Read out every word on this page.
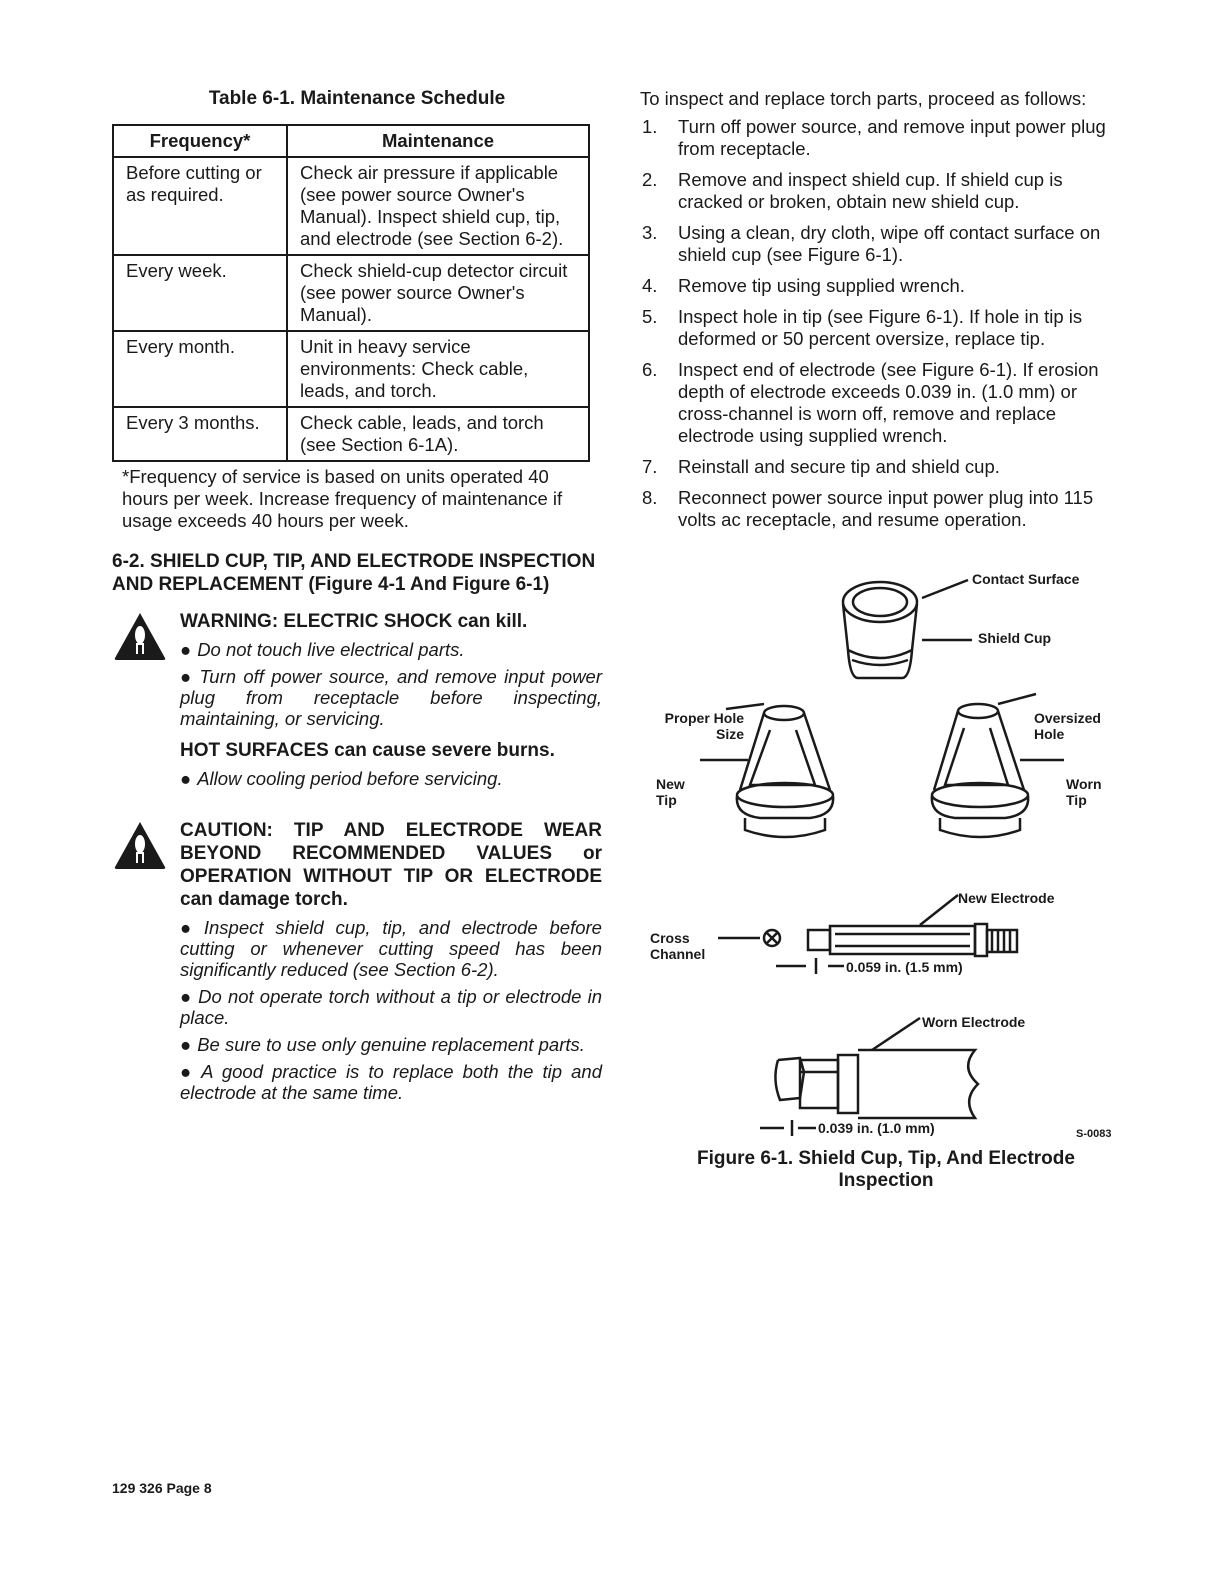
Table 6-1. Maintenance Schedule
Frequency*	Maintenance
Before cutting or as required.	Check air pressure if applicable (see power source Owner's Manual). Inspect shield cup, tip, and electrode (see Section 6-2).
Every week.	Check shield-cup detector circuit (see power source Owner's Manual).
Every month.	Unit in heavy service environments: Check cable, leads, and torch.
Every 3 months.	Check cable, leads, and torch (see Section 6-1A).
*Frequency of service is based on units operated 40 hours per week. Increase frequency of maintenance if usage exceeds 40 hours per week.
6-2. SHIELD CUP, TIP, AND ELECTRODE INSPECTION AND REPLACEMENT (Figure 4-1 And Figure 6-1)
WARNING: ELECTRIC SHOCK can kill.
● Do not touch live electrical parts.
● Turn off power source, and remove input power plug from receptacle before inspecting, maintaining, or servicing.
HOT SURFACES can cause severe burns.
● Allow cooling period before servicing.
CAUTION: TIP AND ELECTRODE WEAR BEYOND RECOMMENDED VALUES or OPERATION WITHOUT TIP OR ELECTRODE can damage torch.
● Inspect shield cup, tip, and electrode before cutting or whenever cutting speed has been significantly reduced (see Section 6-2).
● Do not operate torch without a tip or electrode in place.
● Be sure to use only genuine replacement parts.
● A good practice is to replace both the tip and electrode at the same time.
To inspect and replace torch parts, proceed as follows:
1. Turn off power source, and remove input power plug from receptacle.
2. Remove and inspect shield cup. If shield cup is cracked or broken, obtain new shield cup.
3. Using a clean, dry cloth, wipe off contact surface on shield cup (see Figure 6-1).
4. Remove tip using supplied wrench.
5. Inspect hole in tip (see Figure 6-1). If hole in tip is deformed or 50 percent oversize, replace tip.
6. Inspect end of electrode (see Figure 6-1). If erosion depth of electrode exceeds 0.039 in. (1.0 mm) or cross-channel is worn off, remove and replace electrode using supplied wrench.
7. Reinstall and secure tip and shield cup.
8. Reconnect power source input power plug into 115 volts ac receptacle, and resume operation.
Contact Surface
Shield Cup
Proper Hole Size
New Tip
Oversized Hole
Worn Tip
New Electrode
Cross Channel
0.059 in. (1.5 mm)
Worn Electrode
0.039 in. (1.0 mm)	S-0083
Figure 6-1. Shield Cup, Tip, And Electrode Inspection
129 326 Page 8
